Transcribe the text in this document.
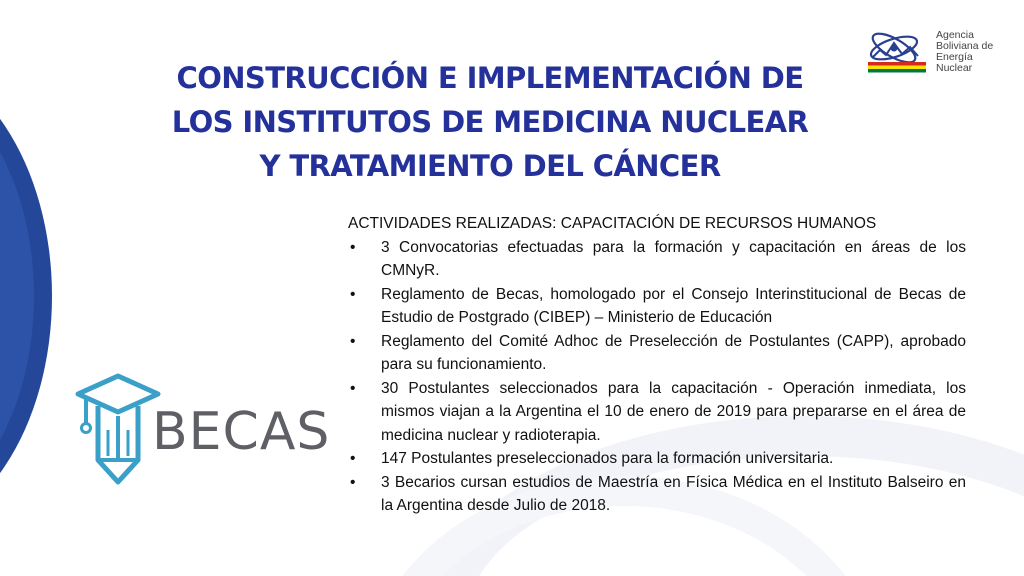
CONSTRUCCIÓN E IMPLEMENTACIÓN DE
LOS INSTITUTOS DE MEDICINA NUCLEAR
Y TRATAMIENTO DEL CÁNCER
Agencia
Boliviana de
Energía
Nuclear
BECAS
ACTIVIDADES REALIZADAS: CAPACITACIÓN DE RECURSOS HUMANOS
• 3 Convocatorias efectuadas para la formación y capacitación en áreas de los CMNyR.
• Reglamento de Becas, homologado por el Consejo Interinstitucional de Becas de Estudio de Postgrado (CIBEP) – Ministerio de Educación
• Reglamento del Comité Adhoc de Preselección de Postulantes (CAPP), aprobado para su funcionamiento.
• 30 Postulantes seleccionados para la capacitación - Operación inmediata, los mismos viajan a la Argentina el 10 de enero de 2019 para prepararse en el área de medicina nuclear y radioterapia.
• 147 Postulantes preseleccionados para la formación universitaria.
• 3 Becarios cursan estudios de Maestría en Física Médica en el Instituto Balseiro en la Argentina desde Julio de 2018.
